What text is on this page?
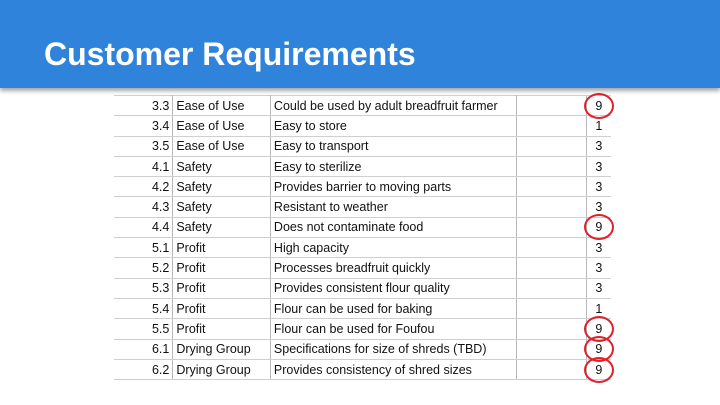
Customer Requirements
3.3	Ease of Use	Could be used by adult breadfruit farmer		9
3.4	Ease of Use	Easy to store		1
3.5	Ease of Use	Easy to transport		3
4.1	Safety	Easy to sterilize		3
4.2	Safety	Provides barrier to moving parts		3
4.3	Safety	Resistant to weather		3
4.4	Safety	Does not contaminate food		9
5.1	Profit	High capacity		3
5.2	Profit	Processes breadfruit quickly		3
5.3	Profit	Provides consistent flour quality		3
5.4	Profit	Flour can be used for baking		1
5.5	Profit	Flour can be used for Foufou		9
6.1	Drying Group	Specifications for size of shreds (TBD)		9
6.2	Drying Group	Provides consistency of shred sizes		9
